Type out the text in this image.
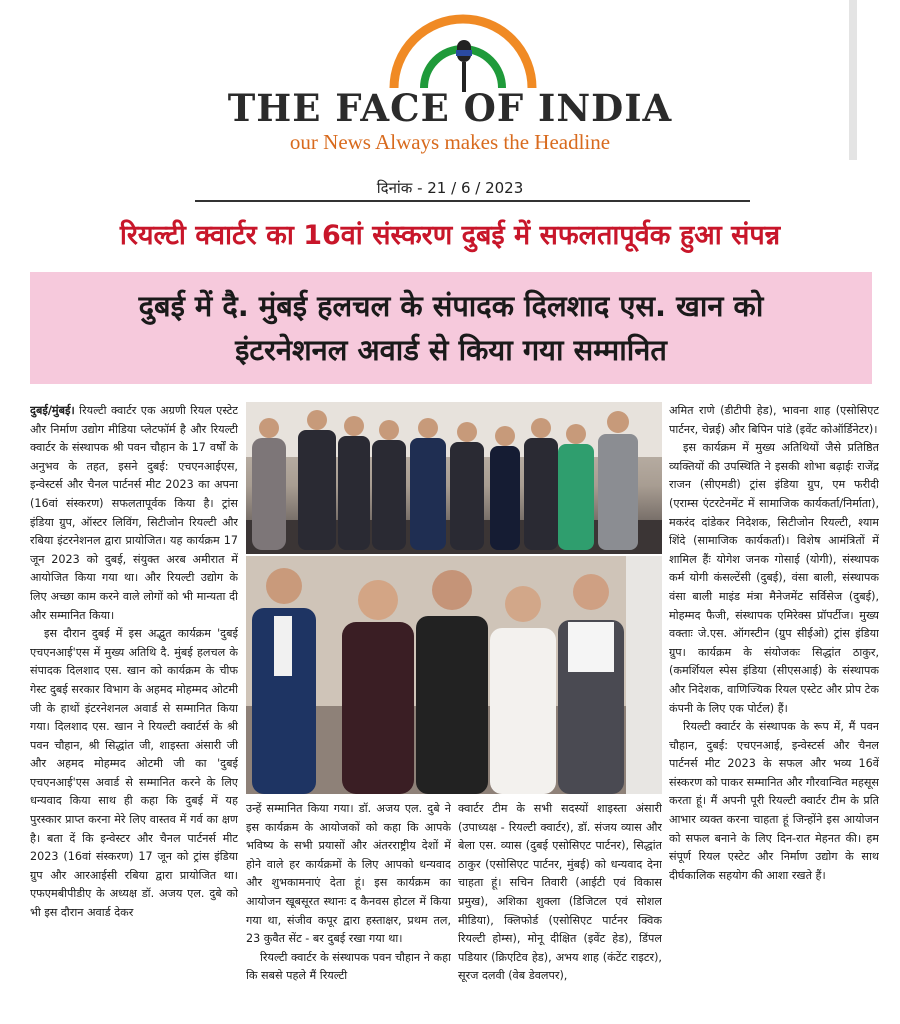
THE FACE OF INDIA
our News Always makes the Headline
दिनांक - 21 / 6 / 2023
रियल्टी क्वार्टर का 16वां संस्करण दुबई में सफलतापूर्वक हुआ संपन्न
दुबई में दै. मुंबई हलचल के संपादक दिलशाद एस. खान को
इंटरनेशनल अवार्ड से किया गया सम्मानित

दुबई/मुंबई। रियल्टी क्वार्टर एक अग्रणी रियल एस्टेट और निर्माण उद्योग मीडिया प्लेटफॉर्म है और रियल्टी क्वार्टर के संस्थापक श्री पवन चौहान के 17 वर्षों के अनुभव के तहत, इसने दुबई: एचएनआईएस, इन्वेस्टर्स और चैनल पार्टनर्स मीट 2023 का अपना (16वां संस्करण) सफलतापूर्वक किया है। ट्रांस इंडिया ग्रुप, ऑस्टर लिविंग, सिटीजोन रियल्टी और रबिया इंटरनेशनल द्वारा प्रायोजित। यह कार्यक्रम 17 जून 2023 को दुबई, संयुक्त अरब अमीरात में आयोजित किया गया था। और रियल्टी उद्योग के लिए अच्छा काम करने वाले लोगों को भी मान्यता दी और सम्मानित किया।

इस दौरान दुबई में इस अद्भुत कार्यक्रम 'दुबई एचएनआई'एस में मुख्य अतिथि दै. मुंबई हलचल के संपादक दिलशाद एस. खान को कार्यक्रम के चीफ गेस्ट दुबई सरकार विभाग के अहमद मोहम्मद ओटमी जी के हाथों इंटरनेशनल अवार्ड से सम्मानित किया गया। दिलशाद एस. खान ने रियल्टी क्वार्टर्स के श्री पवन चौहान, श्री सिद्धांत जी, शाइस्ता अंसारी जी और अहमद मोहम्मद ओटमी जी का 'दुबई एचएनआई'एस अवार्ड से सम्मानित करने के लिए धन्यवाद किया साथ ही कहा कि दुबई में यह पुरस्कार प्राप्त करना मेरे लिए वास्तव में गर्व का क्षण है। बता दें कि इन्वेस्टर और चैनल पार्टनर्स मीट 2023 (16वां संस्करण) 17 जून को ट्रांस इंडिया ग्रुप और आरआईसी रबिया द्वारा प्रायोजित था। एफएमबीपीडीए के अध्यक्ष डॉ. अजय एल. दुबे को भी इस दौरान अवार्ड देकर

उन्हें सम्मानित किया गया। डॉ. अजय एल. दुबे ने इस कार्यक्रम के आयोजकों को कहा कि आपके भविष्य के सभी प्रयासों और अंतरराष्ट्रीय देशों में होने वाले हर कार्यक्रमों के लिए आपको धन्यवाद और शुभकामनाएं देता हूं। इस कार्यक्रम का आयोजन खूबसूरत स्थानः द कैनवस होटल में किया गया था, संजीव कपूर द्वारा हस्ताक्षर, प्रथम तल, 23 कुवैत सेंट - बर दुबई रखा गया था।

रियल्टी क्वार्टर के संस्थापक पवन चौहान ने कहा कि सबसे पहले मैं रियल्टी

क्वार्टर टीम के सभी सदस्यों शाइस्ता अंसारी (उपाध्यक्ष - रियल्टी क्वार्टर), डॉ. संजय व्यास और बेला एस. व्यास (दुबई एसोसिएट पार्टनर), सिद्धांत ठाकुर (एसोसिएट पार्टनर, मुंबई) को धन्यवाद देना चाहता हूं। सचिन तिवारी (आईटी एवं विकास प्रमुख), अशिका शुक्ला (डिजिटल एवं सोशल मीडिया), क्लिफोर्ड (एसोसिएट पार्टनर क्विक रियल्टी होम्स), मोनू दीक्षित (इवेंट हेड), डिंपल पडियार (क्रिएटिव हेड), अभय शाह (कंटेंट राइटर), सूरज दलवी (वेब डेवलपर),

अमित राणे (डीटीपी हेड), भावना शाह (एसोसिएट पार्टनर, चेन्नई) और बिपिन पांडे (इवेंट कोऑर्डिनेटर)।

इस कार्यक्रम में मुख्य अतिथियों जैसे प्रतिष्ठित व्यक्तियों की उपस्थिति ने इसकी शोभा बढ़ाईः राजेंद्र राजन (सीएमडी) ट्रांस इंडिया ग्रुप, एम फरीदी (एराम्स एंटरटेनमेंट में सामाजिक कार्यकर्ता/निर्माता), मकरंद दांडेकर निदेशक, सिटीजोन रियल्टी, श्याम शिंदे (सामाजिक कार्यकर्ता)। विशेष आमंत्रितों में शामिल हैंः योगेश जनक गोसाई (योगी), संस्थापक कर्म योगी कंसल्टेंसी (दुबई), वंसा बाली, संस्थापक वंसा बाली माइंड मंत्रा मैनेजमेंट सर्विसेज (दुबई), मोहम्मद फैजी, संस्थापक एमिरेक्स प्रॉपर्टीज। मुख्य वक्ताः जे.एस. ऑगस्टीन (ग्रुप सीईओ) ट्रांस इंडिया ग्रुप। कार्यक्रम के संयोजकः सिद्धांत ठाकुर, (कमर्शियल स्पेस इंडिया (सीएसआई) के संस्थापक और निदेशक, वाणिज्यिक रियल एस्टेट और प्रोप टेक कंपनी के लिए एक पोर्टल) हैं।

रियल्टी क्वार्टर के संस्थापक के रूप में, मैं पवन चौहान, दुबई: एचएनआई, इन्वेस्टर्स और चैनल पार्टनर्स मीट 2023 के सफल और भव्य 16वें संस्करण को पाकर सम्मानित और गौरवान्वित महसूस करता हूं। मैं अपनी पूरी रियल्टी क्वार्टर टीम के प्रति आभार व्यक्त करना चाहता हूं जिन्होंने इस आयोजन को सफल बनाने के लिए दिन-रात मेहनत की। हम संपूर्ण रियल एस्टेट और निर्माण उद्योग के साथ दीर्घकालिक सहयोग की आशा रखते हैं।
